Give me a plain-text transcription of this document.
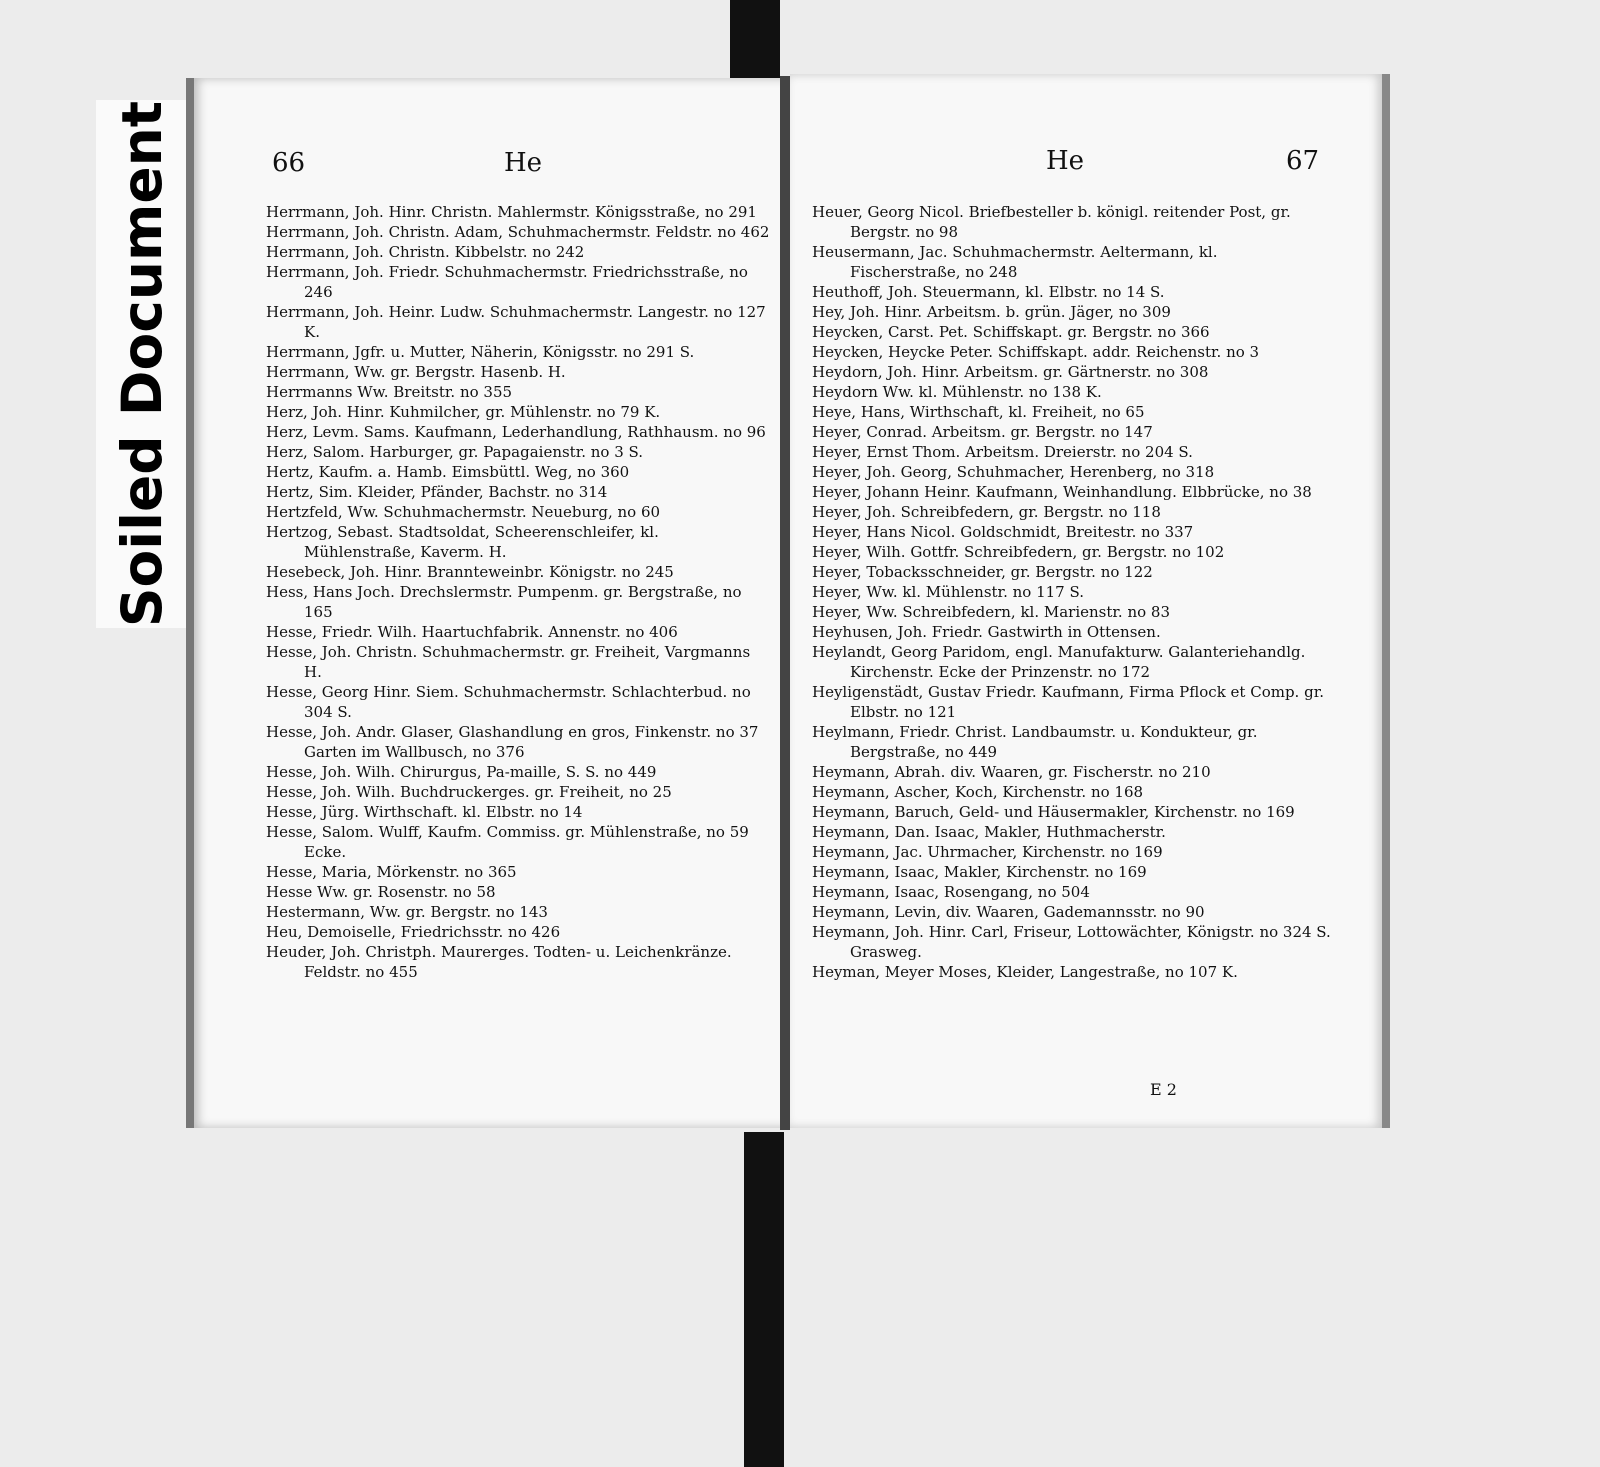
Soiled Document	66	He
Herrmann, Joh. Hinr. Christn. Mahlermstr. Königsstraße, no 291
Herrmann, Joh. Christn. Adam, Schuhmachermstr. Feldstr. no 462
Herrmann, Joh. Christn. Kibbelstr. no 242
Herrmann, Joh. Friedr. Schuhmachermstr. Friedrichsstraße, no 246
Herrmann, Joh. Heinr. Ludw. Schuhmachermstr. Langestr. no 127 K.
Herrmann, Jgfr. u. Mutter, Näherin, Königsstr. no 291 S.
Herrmann, Ww. gr. Bergstr. Hasenb. H.
Herrmanns Ww. Breitstr. no 355
Herz, Joh. Hinr. Kuhmilcher, gr. Mühlenstr. no 79 K.
Herz, Levm. Sams. Kaufmann, Lederhandlung, Rathhausm. no 96
Herz, Salom. Harburger, gr. Papagaienstr. no 3 S.
Hertz, Kaufm. a. Hamb. Eimsbüttl. Weg, no 360
Hertz, Sim. Kleider, Pfänder, Bachstr. no 314
Hertzfeld, Ww. Schuhmachermstr. Neueburg, no 60
Hertzog, Sebast. Stadtsoldat, Scheerenschleifer, kl. Mühlenstraße, Kaverm. H.
Hesebeck, Joh. Hinr. Brannteweinbr. Königstr. no 245
Hess, Hans Joch. Drechslermstr. Pumpenm. gr. Bergstraße, no 165
Hesse, Friedr. Wilh. Haartuchfabrik. Annenstr. no 406
Hesse, Joh. Christn. Schuhmachermstr. gr. Freiheit, Vargmanns H.
Hesse, Georg Hinr. Siem. Schuhmachermstr. Schlachterbud. no 304 S.
Hesse, Joh. Andr. Glaser, Glashandlung en gros, Finkenstr. no 37 Garten im Wallbusch, no 376
Hesse, Joh. Wilh. Chirurgus, Pa-maille, S. S. no 449
Hesse, Joh. Wilh. Buchdruckerges. gr. Freiheit, no 25
Hesse, Jürg. Wirthschaft. kl. Elbstr. no 14
Hesse, Salom. Wulff, Kaufm. Commiss. gr. Mühlenstraße, no 59 Ecke.
Hesse, Maria, Mörkenstr. no 365
Hesse Ww. gr. Rosenstr. no 58
Hestermann, Ww. gr. Bergstr. no 143
Heu, Demoiselle, Friedrichsstr. no 426
Heuder, Joh. Christph. Maurerges. Todten- u. Leichenkränze. Feldstr. no 455
He	67
Heuer, Georg Nicol. Briefbesteller b. königl. reitender Post, gr. Bergstr. no 98
Heusermann, Jac. Schuhmachermstr. Aeltermann, kl. Fischerstraße, no 248
Heuthoff, Joh. Steuermann, kl. Elbstr. no 14 S.
Hey, Joh. Hinr. Arbeitsm. b. grün. Jäger, no 309
Heycken, Carst. Pet. Schiffskapt. gr. Bergstr. no 366
Heycken, Heycke Peter. Schiffskapt. addr. Reichenstr. no 3
Heydorn, Joh. Hinr. Arbeitsm. gr. Gärtnerstr. no 308
Heydorn Ww. kl. Mühlenstr. no 138 K.
Heye, Hans, Wirthschaft, kl. Freiheit, no 65
Heyer, Conrad. Arbeitsm. gr. Bergstr. no 147
Heyer, Ernst Thom. Arbeitsm. Dreierstr. no 204 S.
Heyer, Joh. Georg, Schuhmacher, Herenberg, no 318
Heyer, Johann Heinr. Kaufmann, Weinhandlung. Elbbrücke, no 38
Heyer, Joh. Schreibfedern, gr. Bergstr. no 118
Heyer, Hans Nicol. Goldschmidt, Breitestr. no 337
Heyer, Wilh. Gottfr. Schreibfedern, gr. Bergstr. no 102
Heyer, Tobacksschneider, gr. Bergstr. no 122
Heyer, Ww. kl. Mühlenstr. no 117 S.
Heyer, Ww. Schreibfedern, kl. Marienstr. no 83
Heyhusen, Joh. Friedr. Gastwirth in Ottensen.
Heylandt, Georg Paridom, engl. Manufakturw. Galanteriehandlg. Kirchenstr. Ecke der Prinzenstr. no 172
Heyligenstädt, Gustav Friedr. Kaufmann, Firma Pflock et Comp. gr. Elbstr. no 121
Heylmann, Friedr. Christ. Landbaumstr. u. Kondukteur, gr. Bergstraße, no 449
Heymann, Abrah. div. Waaren, gr. Fischerstr. no 210
Heymann, Ascher, Koch, Kirchenstr. no 168
Heymann, Baruch, Geld- und Häusermakler, Kirchenstr. no 169
Heymann, Dan. Isaac, Makler, Huthmacherstr.
Heymann, Jac. Uhrmacher, Kirchenstr. no 169
Heymann, Isaac, Makler, Kirchenstr. no 169
Heymann, Isaac, Rosengang, no 504
Heymann, Levin, div. Waaren, Gademannsstr. no 90
Heymann, Joh. Hinr. Carl, Friseur, Lottowächter, Königstr. no 324 S. Grasweg.
Heyman, Meyer Moses, Kleider, Langestraße, no 107 K.
E 2
